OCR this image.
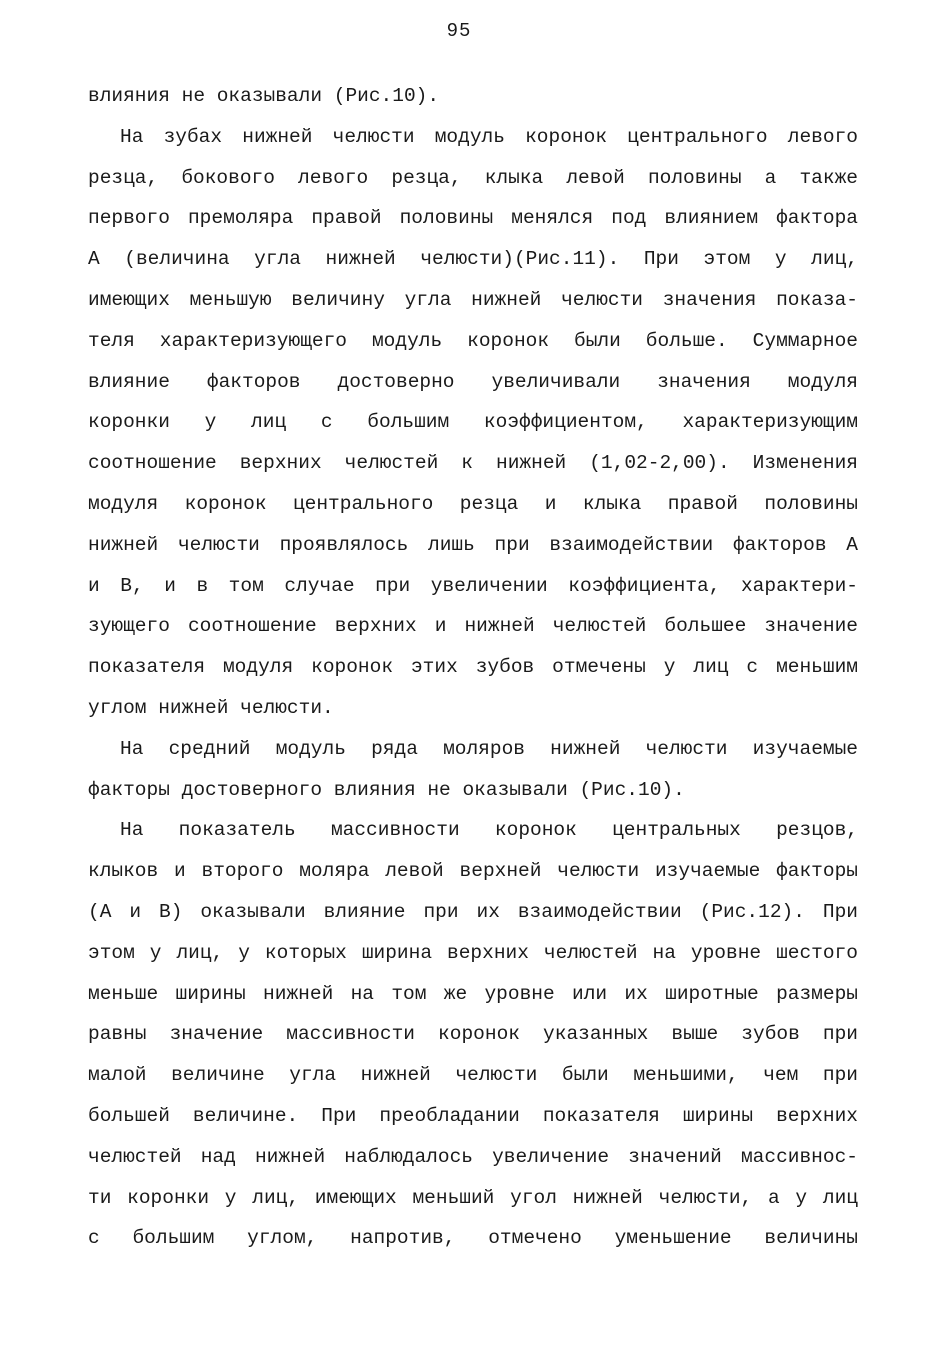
95
влияния не оказывали (Рис.10).
На зубах нижней челюсти модуль коронок центрального левого
резца, бокового левого резца, клыка левой половины а также
первого премоляра правой половины менялся под влиянием фактора
А (величина угла нижней челюсти)(Рис.11). При этом у лиц,
имеющих меньшую величину угла нижней челюсти значения показа-
теля характеризующего модуль коронок были больше. Суммарное
влияние факторов достоверно увеличивали значения модуля
коронки у лиц с большим коэффициентом, характеризующим
соотношение верхних челюстей к нижней (1,02-2,00). Изменения
модуля коронок центрального резца и клыка правой половины
нижней челюсти проявлялось лишь при взаимодействии факторов А
и В, и в том случае при увеличении коэффициента, характери-
зующего соотношение верхних и нижней челюстей большее значение
показателя модуля коронок этих зубов отмечены у лиц с меньшим
углом нижней челюсти.
На средний модуль ряда моляров нижней челюсти изучаемые
факторы достоверного влияния не оказывали (Рис.10).
На показатель массивности коронок центральных резцов,
клыков и второго моляра левой верхней челюсти изучаемые факторы
(А и В) оказывали влияние при их взаимодействии (Рис.12). При
этом у лиц, у которых ширина верхних челюстей на уровне шестого
меньше ширины нижней на том же уровне или их широтные размеры
равны значение массивности коронок указанных выше зубов при
малой величине угла нижней челюсти были меньшими, чем при
большей величине. При преобладании показателя ширины верхних
челюстей над нижней наблюдалось увеличение значений массивнос-
ти коронки у лиц, имеющих меньший угол нижней челюсти, а у лиц
с большим углом, напротив, отмечено уменьшение величины
